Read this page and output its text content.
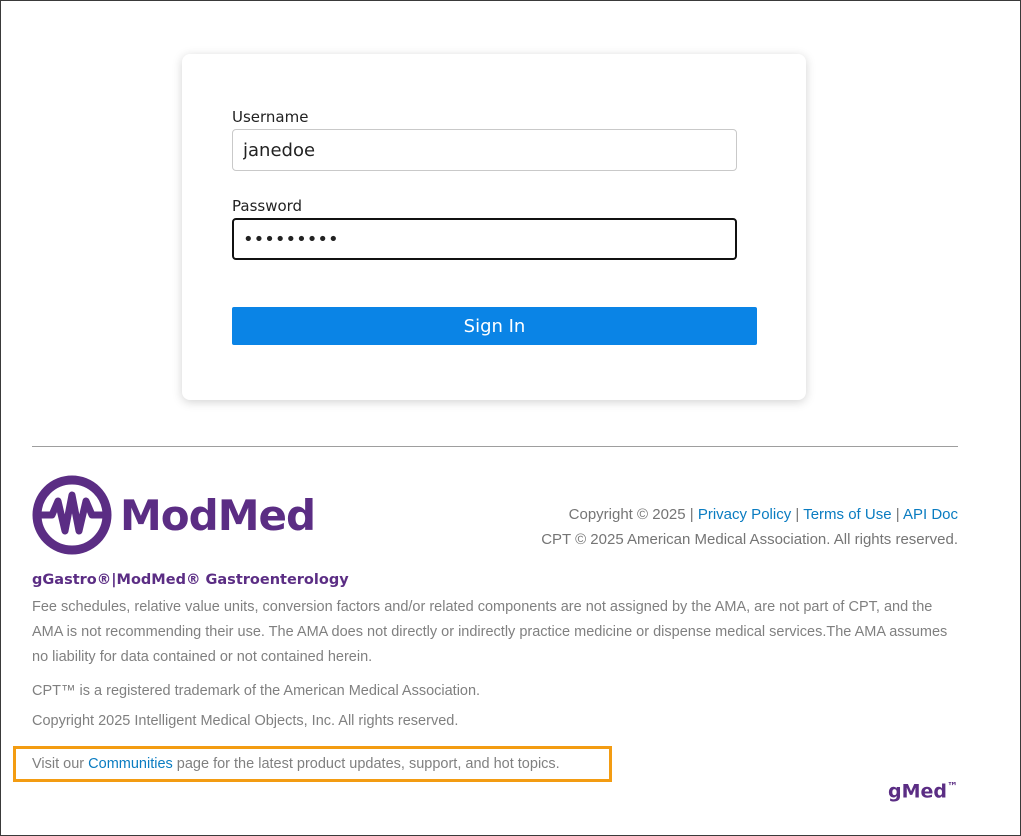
Username
janedoe
Password
•••••••••
Sign In
ModMed	Copyright © 2025 | Privacy Policy | Terms of Use | API Doc
CPT © 2025 American Medical Association. All rights reserved.
gGastro®|ModMed® Gastroenterology
Fee schedules, relative value units, conversion factors and/or related components are not assigned by the AMA, are not part of CPT, and the AMA is not recommending their use. The AMA does not directly or indirectly practice medicine or dispense medical services.The AMA assumes no liability for data contained or not contained herein.
CPT™ is a registered trademark of the American Medical Association.
Copyright 2025 Intelligent Medical Objects, Inc. All rights reserved.
Visit our
Communities
page for the latest product updates, support, and hot topics.
gMed™
